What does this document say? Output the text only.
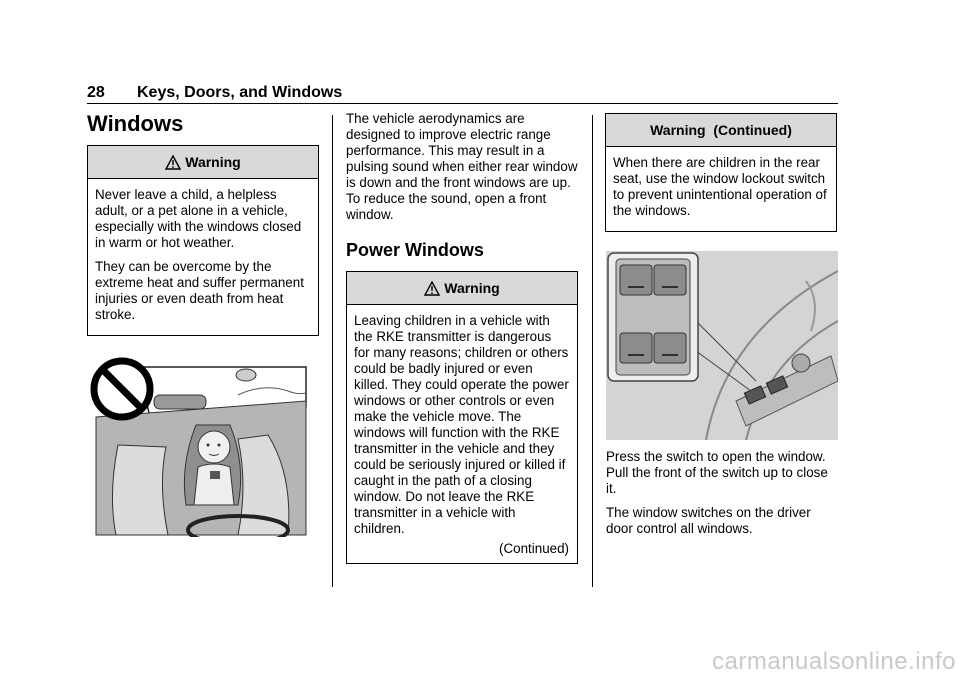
28 Keys, Doors, and Windows
Windows
Warning

Never leave a child, a helpless adult, or a pet alone in a vehicle, especially with the windows closed in warm or hot weather.

They can be overcome by the extreme heat and suffer permanent injuries or even death from heat stroke.

The vehicle aerodynamics are designed to improve electric range performance. This may result in a pulsing sound when either rear window is down and the front windows are up. To reduce the sound, open a front window.

Power Windows
Warning

Leaving children in a vehicle with the RKE transmitter is dangerous for many reasons; children or others could be badly injured or even killed. They could operate the power windows or other controls or even make the vehicle move. The windows will function with the RKE transmitter in the vehicle and they could be seriously injured or killed if caught in the path of a closing window. Do not leave the RKE transmitter in a vehicle with children.

(Continued)
Warning  (Continued)

When there are children in the rear seat, use the window lockout switch to prevent unintentional operation of the windows.

Press the switch to open the window. Pull the front of the switch up to close it.

The window switches on the driver door control all windows.

carmanualsonline.info
